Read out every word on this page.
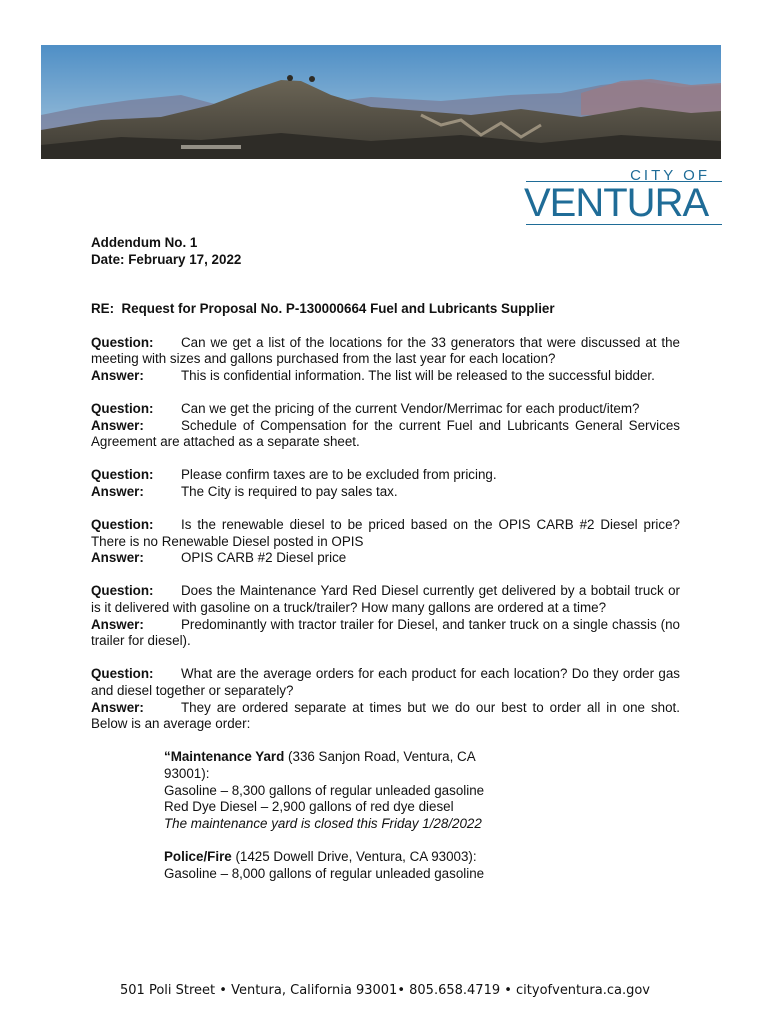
CITY OF
VENTURA
Addendum No. 1
Date: February 17, 2022
RE:  Request for Proposal No. P-130000664 Fuel and Lubricants Supplier
Question: Can we get a list of the locations for the 33 generators that were discussed at the meeting with sizes and gallons purchased from the last year for each location?
Answer:	This is confidential information. The list will be released to the successful bidder.
Question: Can we get the pricing of the current Vendor/Merrimac for each product/item?
Answer:	Schedule of Compensation for the current Fuel and Lubricants General Services Agreement are attached as a separate sheet.
Question: Please confirm taxes are to be excluded from pricing.
Answer:	The City is required to pay sales tax.
Question: Is the renewable diesel to be priced based on the OPIS CARB #2 Diesel price? There is no Renewable Diesel posted in OPIS
Answer:	OPIS CARB #2 Diesel price
Question: Does the Maintenance Yard Red Diesel currently get delivered by a bobtail truck or is it delivered with gasoline on a truck/trailer? How many gallons are ordered at a time?
Answer:	Predominantly with tractor trailer for Diesel, and tanker truck on a single chassis (no trailer for diesel).
Question: What are the average orders for each product for each location? Do they order gas and diesel together or separately?
Answer:	They are ordered separate at times but we do our best to order all in one shot. Below is an average order:
“Maintenance Yard (336 Sanjon Road, Ventura, CA 93001):
Gasoline – 8,300 gallons of regular unleaded gasoline
Red Dye Diesel – 2,900 gallons of red dye diesel
The maintenance yard is closed this Friday 1/28/2022
Police/Fire (1425 Dowell Drive, Ventura, CA 93003):
Gasoline – 8,000 gallons of regular unleaded gasoline
501 Poli Street • Ventura, California 93001• 805.658.4719 • cityofventura.ca.gov
